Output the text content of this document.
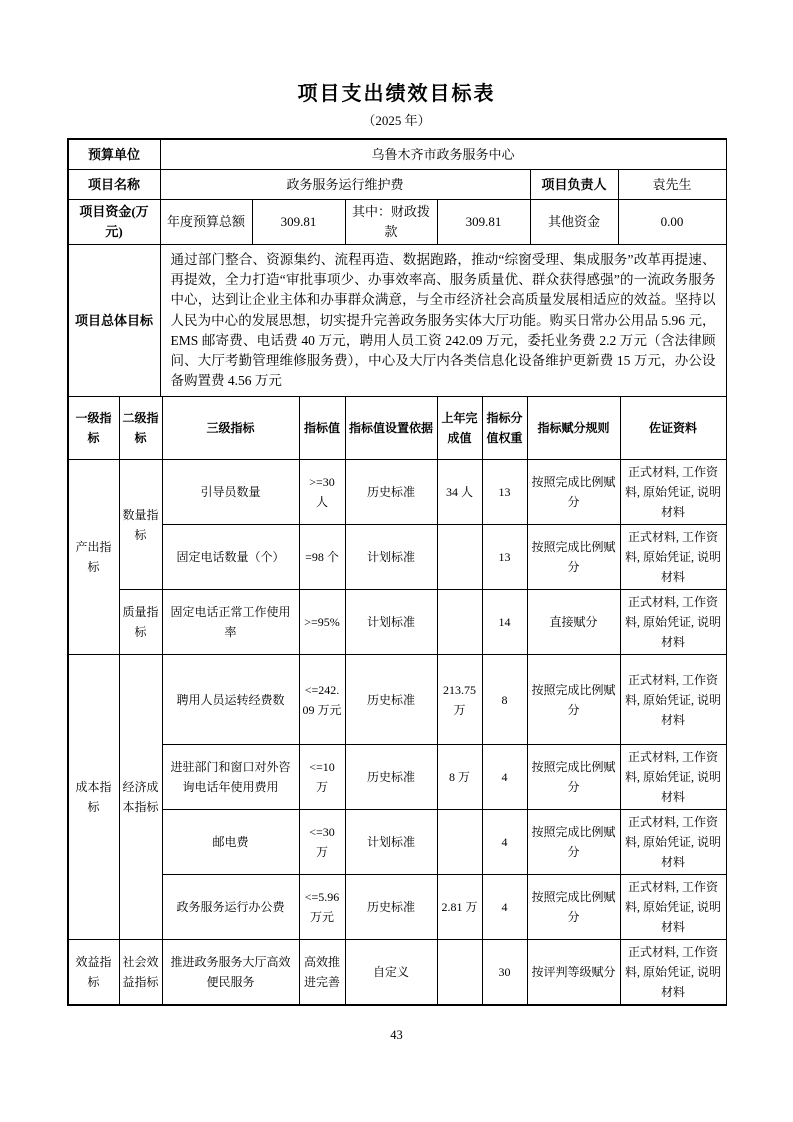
项目支出绩效目标表
（2025 年）
预算单位	乌鲁木齐市政务服务中心					
项目名称	政务服务运行维护费				项目负责人	袁先生
项目资金(万元)	年度预算总额	309.81	其中：财政拨款	309.81	其他资金	0.00
项目总体目标	通过部门整合、资源集约、流程再造、数据跑路，推动“综窗受理、集成服务”改革再提速、再提效，全力打造“审批事项少、办事效率高、服务质量优、群众获得感强”的一流政务服务中心，达到让企业主体和办事群众满意，与全市经济社会高质量发展相适应的效益。坚持以人民为中心的发展思想，切实提升完善政务服务实体大厅功能。购买日常办公用品 5.96 元，EMS 邮寄费、电话费 40 万元，聘用人员工资 242.09 万元，委托业务费 2.2 万元（含法律顾问、大厅考勤管理维修服务费），中心及大厅内各类信息化设备维护更新费 15 万元，办公设备购置费 4.56 万元					
一级指标	二级指标	三级指标	指标值	指标值设置依据	上年完成值	指标分值权重	指标赋分规则	佐证资料
产出指标	数量指标	引导员数量	>=30 人	历史标准	34 人	13	按照完成比例赋分	正式材料, 工作资料, 原始凭证, 说明材料
		固定电话数量（个）	=98 个	计划标准		13	按照完成比例赋分	正式材料, 工作资料, 原始凭证, 说明材料
	质量指标	固定电话正常工作使用率	>=95%	计划标准		14	直接赋分	正式材料, 工作资料, 原始凭证, 说明材料
成本指标	经济成本指标	聘用人员运转经费数	<=242.09 万元	历史标准	213.75 万	8	按照完成比例赋分	正式材料, 工作资料, 原始凭证, 说明材料
		进驻部门和窗口对外咨询电话年使用费用	<=10 万	历史标准	8 万	4	按照完成比例赋分	正式材料, 工作资料, 原始凭证, 说明材料
		邮电费	<=30 万	计划标准		4	按照完成比例赋分	正式材料, 工作资料, 原始凭证, 说明材料
		政务服务运行办公费	<=5.96 万元	历史标准	2.81 万	4	按照完成比例赋分	正式材料, 工作资料, 原始凭证, 说明材料
效益指标	社会效益指标	推进政务服务大厅高效便民服务	高效推进完善	自定义		30	按评判等级赋分	正式材料, 工作资料, 原始凭证, 说明材料
43
